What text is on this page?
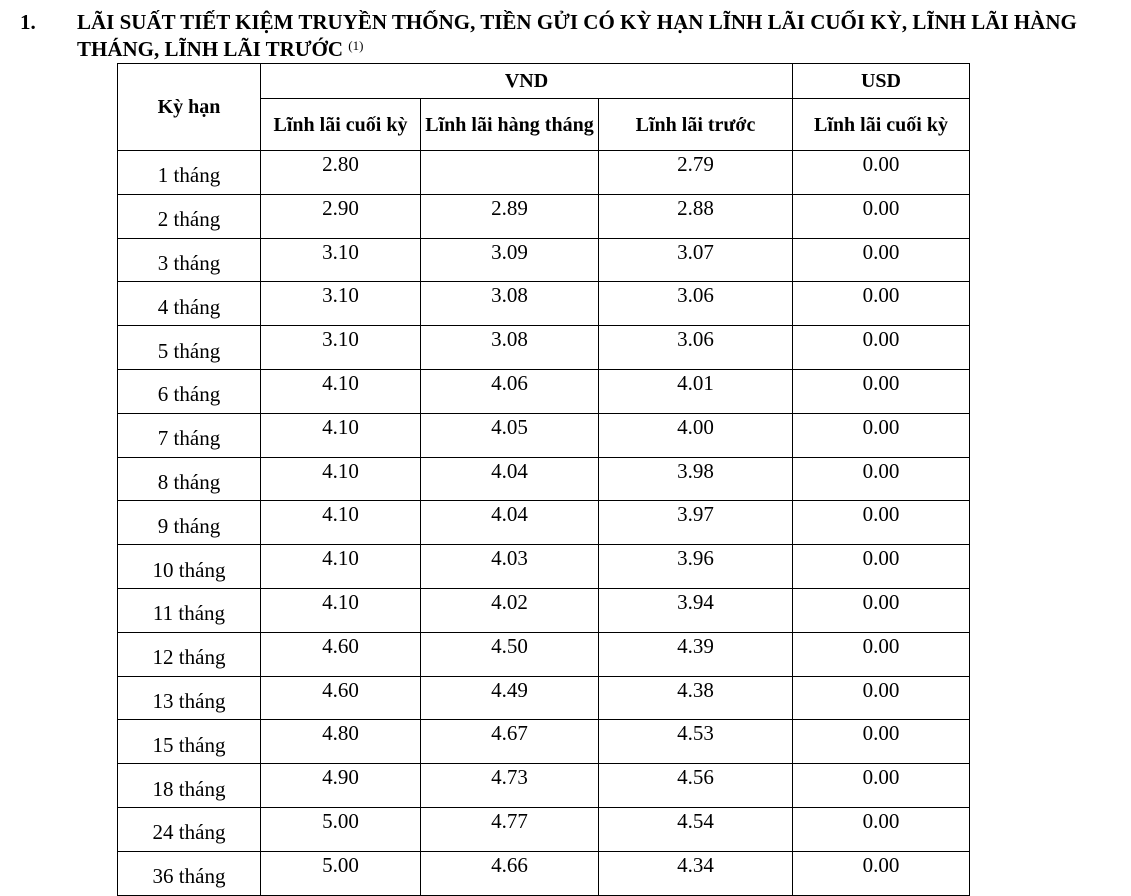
1. LÃI SUẤT TIẾT KIỆM TRUYỀN THỐNG, TIỀN GỬI CÓ KỲ HẠN LĨNH LÃI CUỐI KỲ, LĨNH LÃI HÀNG THÁNG, LĨNH LÃI TRƯỚC $^{(1)}$
Kỳ hạn	VND			USD
	Lĩnh lãi cuối kỳ	Lĩnh lãi hàng tháng	Lĩnh lãi trước	Lĩnh lãi cuối kỳ
1 tháng	2.80		2.79	0.00
2 tháng	2.90	2.89	2.88	0.00
3 tháng	3.10	3.09	3.07	0.00
4 tháng	3.10	3.08	3.06	0.00
5 tháng	3.10	3.08	3.06	0.00
6 tháng	4.10	4.06	4.01	0.00
7 tháng	4.10	4.05	4.00	0.00
8 tháng	4.10	4.04	3.98	0.00
9 tháng	4.10	4.04	3.97	0.00
10 tháng	4.10	4.03	3.96	0.00
11 tháng	4.10	4.02	3.94	0.00
12 tháng	4.60	4.50	4.39	0.00
13 tháng	4.60	4.49	4.38	0.00
15 tháng	4.80	4.67	4.53	0.00
18 tháng	4.90	4.73	4.56	0.00
24 tháng	5.00	4.77	4.54	0.00
36 tháng	5.00	4.66	4.34	0.00
